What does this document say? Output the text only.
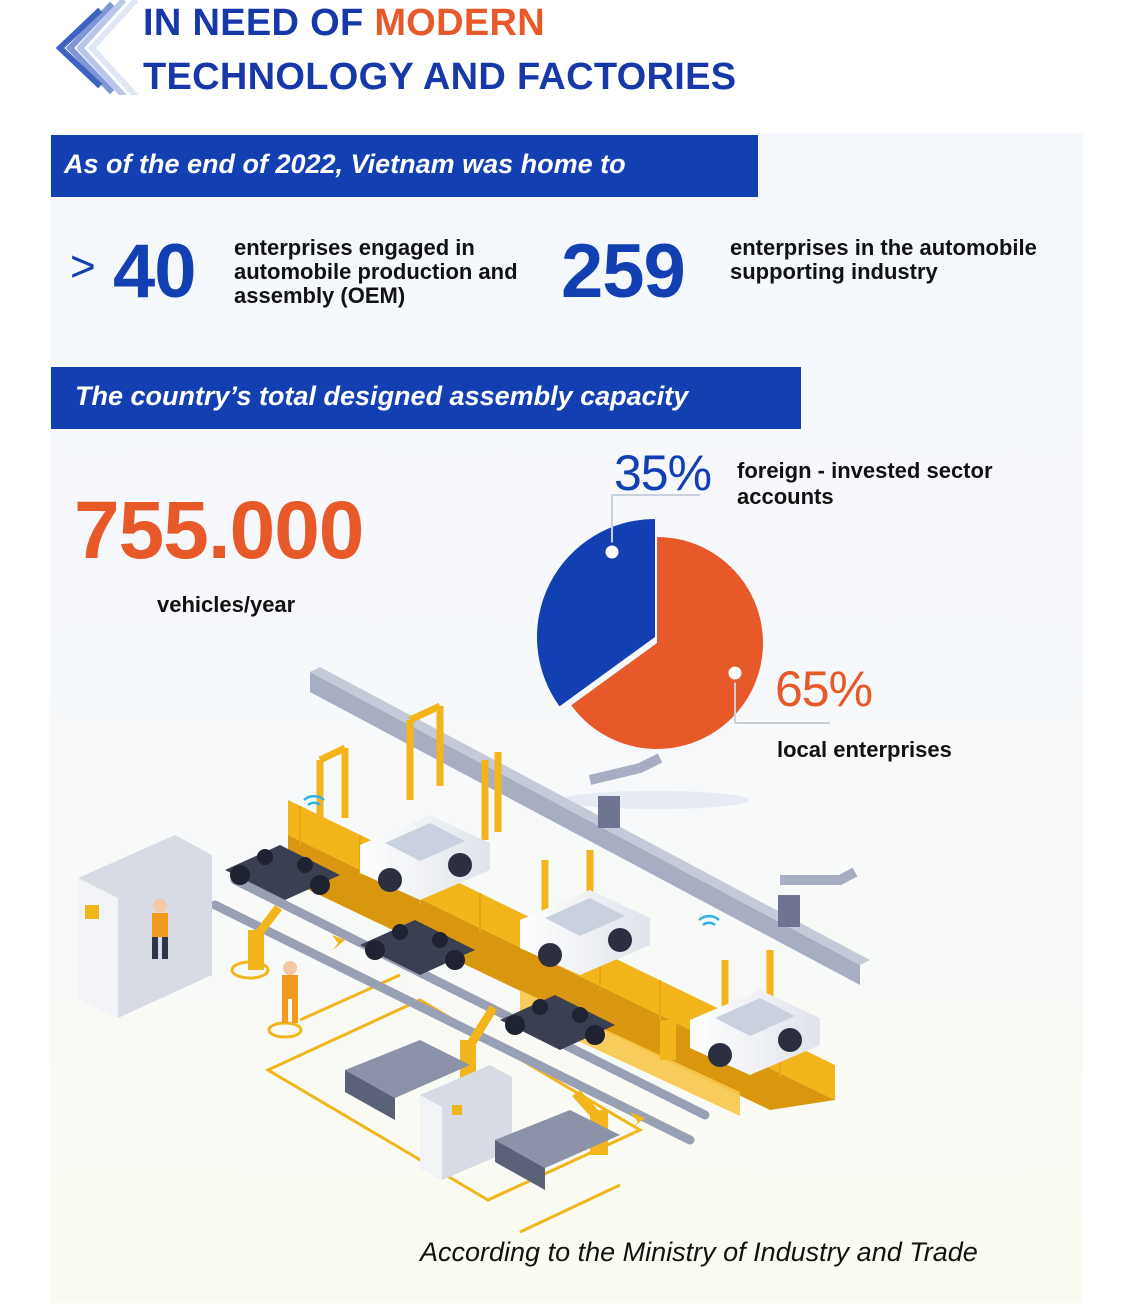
IN NEED OF MODERN
TECHNOLOGY AND FACTORIES
As of the end of 2022, Vietnam was home to
> 40 enterprises engaged in automobile production and assembly (OEM)	259 enterprises in the automobile supporting industry
The country’s total designed assembly capacity
755.000
vehicles/year
35% foreign - invested sector accounts
65%
local enterprises
According to the Ministry of Industry and Trade
